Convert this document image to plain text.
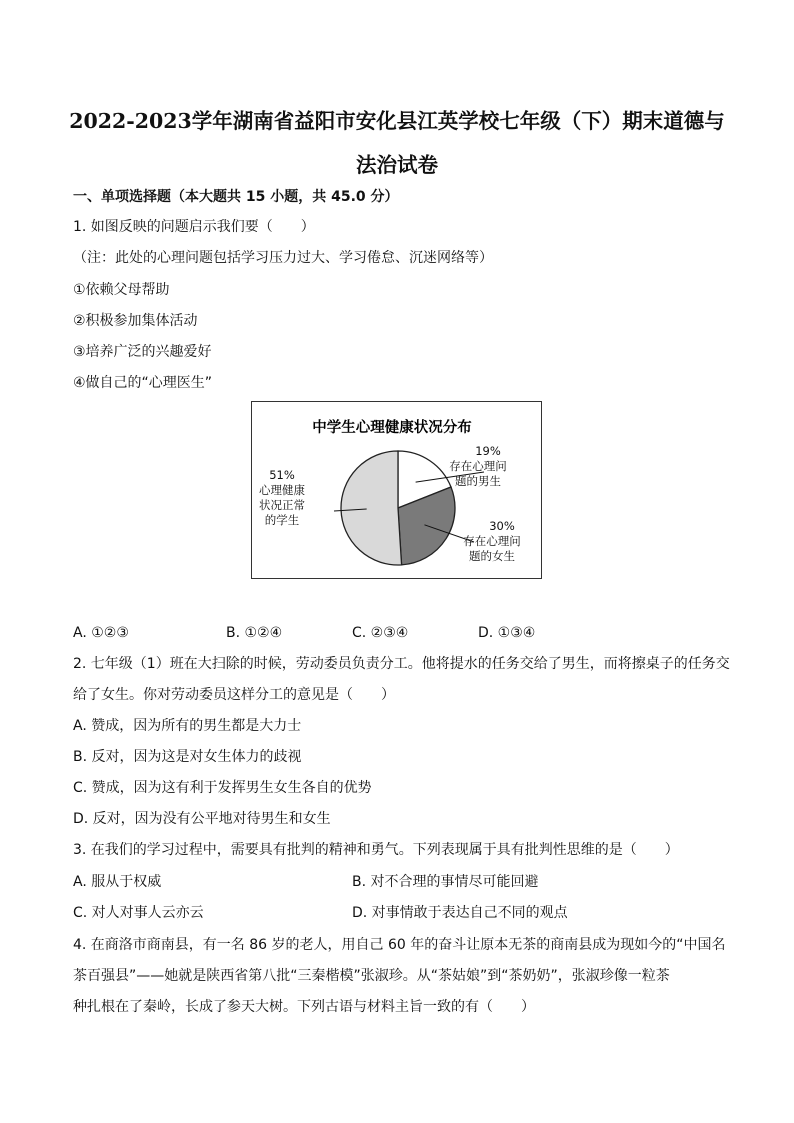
2022-2023学年湖南省益阳市安化县江英学校七年级（下）期末道德与
法治试卷
一、单项选择题（本大题共 15 小题，共 45.0 分）
1. 如图反映的问题启示我们要（　　）
（注：此处的心理问题包括学习压力过大、学习倦怠、沉迷网络等）
①依赖父母帮助
②积极参加集体活动
③培养广泛的兴趣爱好
④做自己的“心理医生”
中学生心理健康状况分布
19%
存在心理问
题的男生
30%
存在心理问
题的女生
51%
心理健康
状况正常
的学生
A. ①②③	B. ①②④	C. ②③④	D. ①③④
2. 七年级（1）班在大扫除的时候，劳动委员负责分工。他将提水的任务交给了男生，而将擦桌子的任务交
给了女生。你对劳动委员这样分工的意见是（　　）
A. 赞成，因为所有的男生都是大力士
B. 反对，因为这是对女生体力的歧视
C. 赞成，因为这有利于发挥男生女生各自的优势
D. 反对，因为没有公平地对待男生和女生
3. 在我们的学习过程中，需要具有批判的精神和勇气。下列表现属于具有批判性思维的是（　　）
A. 服从于权威	B. 对不合理的事情尽可能回避
C. 对人对事人云亦云	D. 对事情敢于表达自己不同的观点
4. 在商洛市商南县，有一名 86 岁的老人，用自己 60 年的奋斗让原本无茶的商南县成为现如今的“中国名
茶百强县”——她就是陕西省第八批“三秦楷模”张淑珍。从“茶姑娘”到“茶奶奶”，张淑珍像一粒茶
种扎根在了秦岭，长成了参天大树。下列古语与材料主旨一致的有（　　）
